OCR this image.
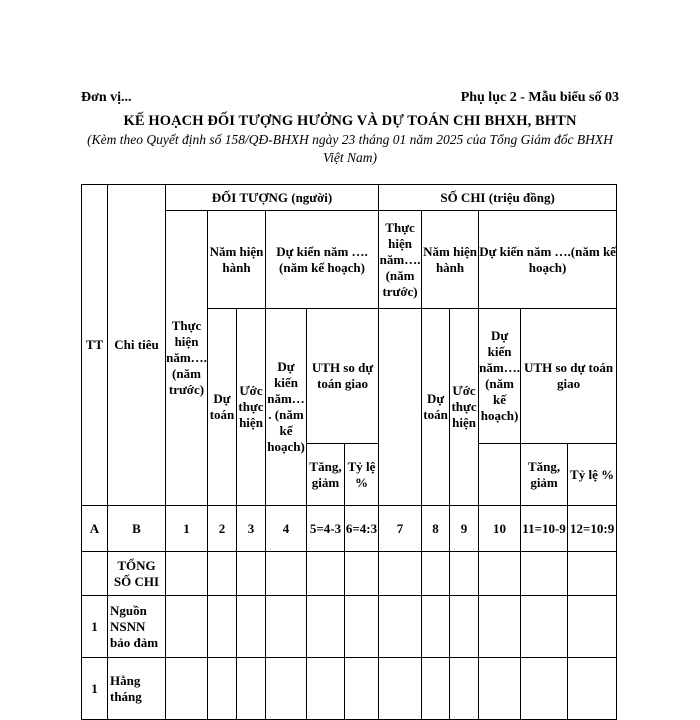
Đơn vị...	Phụ lục 2 - Mẫu biểu số 03
KẾ HOẠCH ĐỐI TƯỢNG HƯỞNG VÀ DỰ TOÁN CHI BHXH, BHTN
(Kèm theo Quyết định số 158/QĐ-BHXH ngày 23 tháng 01 năm 2025 của Tổng Giám đốc BHXH Việt Nam)
TT	Chi tiêu	ĐỐI TƯỢNG (người)						SỐ CHI (triệu đồng)					
		Thực hiện năm…. (năm trước)	Năm hiện hành		Dự kiến năm …. (năm kế hoạch)			Thực hiện năm…. (năm trước)	Năm hiện hành		Dự kiến năm ….(năm kế hoạch)		

			Dự toán	Ước thực hiện	Dự kiến năm…. (năm kế hoạch)	UTH so dự toán giao			Dự toán	Ước thực hiện	Dự kiến năm…. (năm kế hoạch)	UTH so dự toán giao	
						Tăng, giảm	Tỷ lệ %					Tăng, giảm	Tỷ lệ %
A	B	1	2	3	4	5=4-3	6=4:3	7	8	9	10	11=10-9	12=10:9
	TỔNG SỐ CHI												
1	Nguồn NSNN bảo đảm												
1	Hằng tháng												
